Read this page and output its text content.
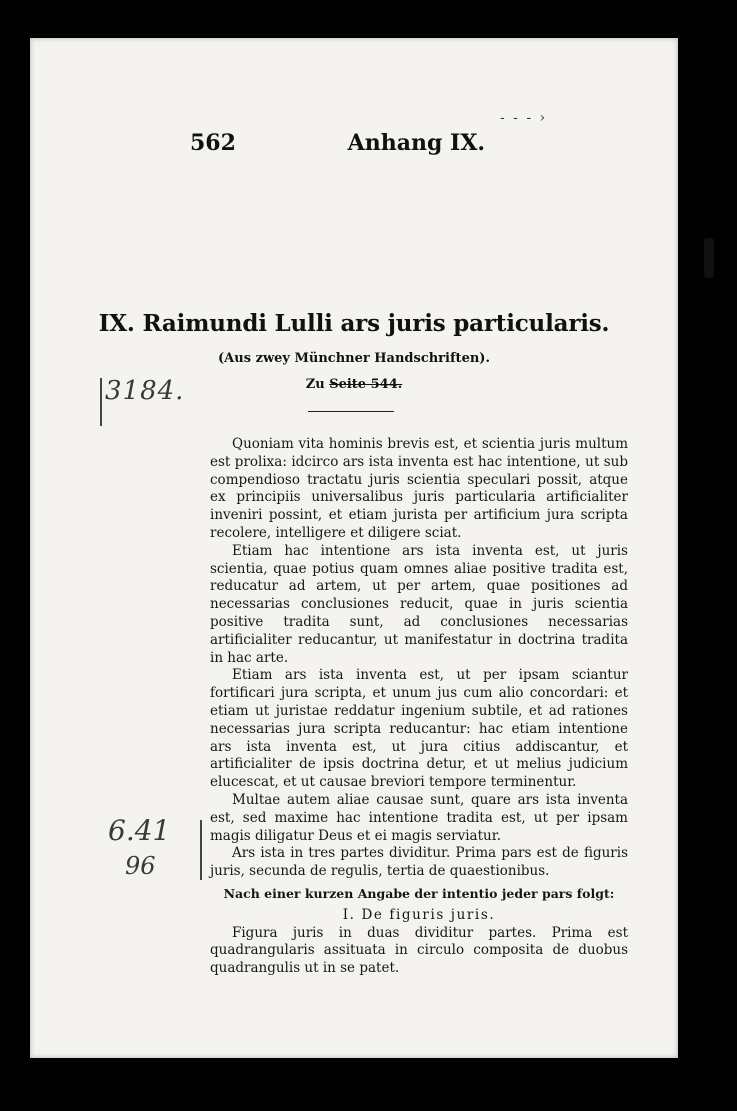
562	Anhang IX.
- - ‑ ›
IX. Raimundi Lulli ars juris particularis.
(Aus zwey Münchner Handschriften).
Zu Seite 544.
3184.
6.41
96

Quoniam vita hominis brevis est, et scientia juris multum est prolixa: idcirco ars ista inventa est hac intentione, ut sub compendioso tractatu juris scientia speculari possit, atque ex principiis universalibus juris particularia artificialiter inveniri possint, et etiam jurista per artificium jura scripta recolere, intelligere et diligere sciat.

Etiam hac intentione ars ista inventa est, ut juris scientia, quae potius quam omnes aliae positive tradita est, reducatur ad artem, ut per artem, quae positiones ad necessarias conclusiones reducit, quae in juris scientia positive tradita sunt, ad conclusiones necessarias artificialiter reducantur, ut manifestatur in doctrina tradita in hac arte.

Etiam ars ista inventa est, ut per ipsam sciantur fortificari jura scripta, et unum jus cum alio concordari: et etiam ut juristae reddatur ingenium subtile, et ad rationes necessarias jura scripta reducantur: hac etiam intentione ars ista inventa est, ut jura citius addiscantur, et artificialiter de ipsis doctrina detur, et ut melius judicium elucescat, et ut causae breviori tempore terminentur.

Multae autem aliae causae sunt, quare ars ista inventa est, sed maxime hac intentione tradita est, ut per ipsam magis diligatur Deus et ei magis serviatur.

Ars ista in tres partes dividitur. Prima pars est de figuris juris, secunda de regulis, tertia de quaestionibus.

Nach einer kurzen Angabe der intentio jeder pars folgt:

I. De figuris juris.

Figura juris in duas dividitur partes. Prima est quadrangularis assituata in circulo composita de duobus quadrangulis ut in se patet.
